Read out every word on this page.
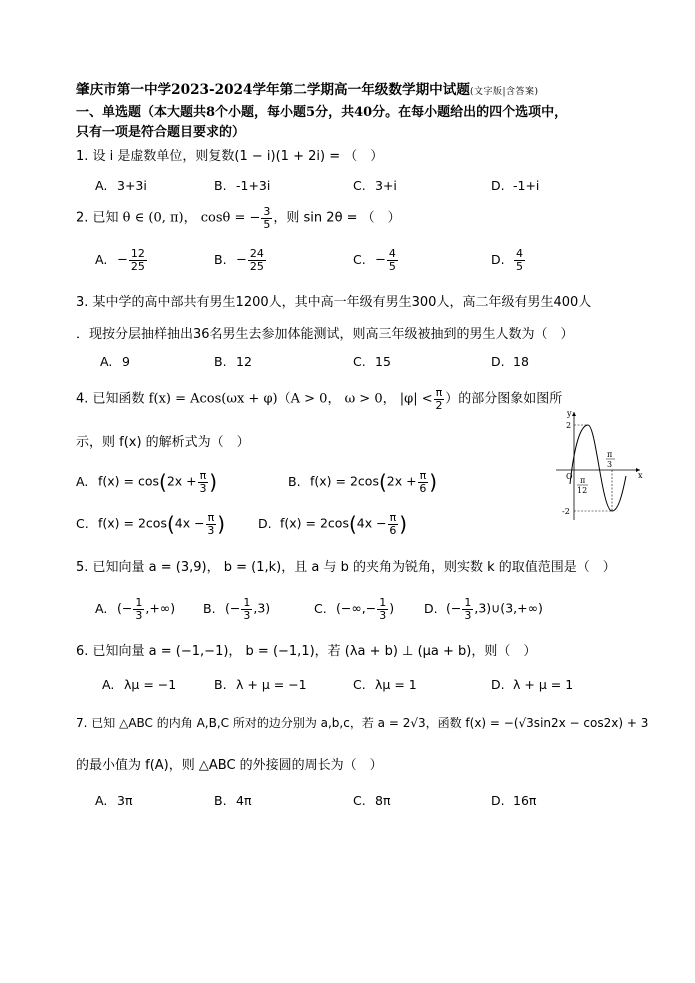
肇庆市第一中学2023-2024学年第二学期高一年级数学期中试题(文字版|含答案)
一、单选题（本大题共8个小题，每小题5分，共40分。在每小题给出的四个选项中，
只有一项是符合题目要求的）
1. 设 i 是虚数单位，则复数(1 − i)(1 + 2i) = （　）
A. 3+3i	B. -1+3i	C. 3+i	D. -1+i
2. 已知 θ ∈ (0, π)， cosθ = − $\frac{3}{5}$ ，则 sin 2θ = （　）
A. − $\frac{12}{25}$	B. − $\frac{24}{25}$	C. − $\frac{4}{5}$	D. $\frac{4}{5}$
3. 某中学的高中部共有男生1200人，其中高一年级有男生300人，高二年级有男生400人
．现按分层抽样抽出36名男生去参加体能测试，则高三年级被抽到的男生人数为（　）
A. 9	B. 12	C. 15	D. 18
4. 已知函数 f(x) = Acos(ωx + φ)（A > 0， ω > 0， $|\varphi| < \frac{\pi}{2}$ ）的部分图象如图所
示，则 f(x) 的解析式为（　）
A. $f(x) = \cos(2x + \frac{\pi}{3}$ )	B. $f(x) = 2\cos(2x + \frac{\pi}{6}$ )
C. $f(x) = 2\cos(4x - \frac{\pi}{3}$ )	D. $f(x) = 2\cos(4x - \frac{\pi}{6}$ )
y
x
O
2
-2
π
12
π
3
5. 已知向量 a = (3,9)， b = (1,k)，且 a 与 b 的夹角为锐角，则实数 k 的取值范围是（　）
A. (− $\frac{1}{3}$ ,+∞) B. (− $\frac{1}{3} ,3$)	C. (−∞,− $\frac{1}{3}$ ) D. (− $\frac{1}{3}$ ,3)∪(3,+∞)
6. 已知向量 a = (−1,−1)， b = (−1,1)，若 (λa + b) ⊥ (μa + b)，则（　）
A. λμ = −1	B. λ + μ = −1	C. λμ = 1	D. λ + μ = 1
7. 已知 △ABC 的内角 A,B,C 所对的边分别为 a,b,c，若 a = 2√3，函数 f(x) = −(√3sin2x − cos2x) + 3
的最小值为 f(A)，则 △ABC 的外接圆的周长为（　）
A. 3π	B. 4π	C. 8π	D. 16π
